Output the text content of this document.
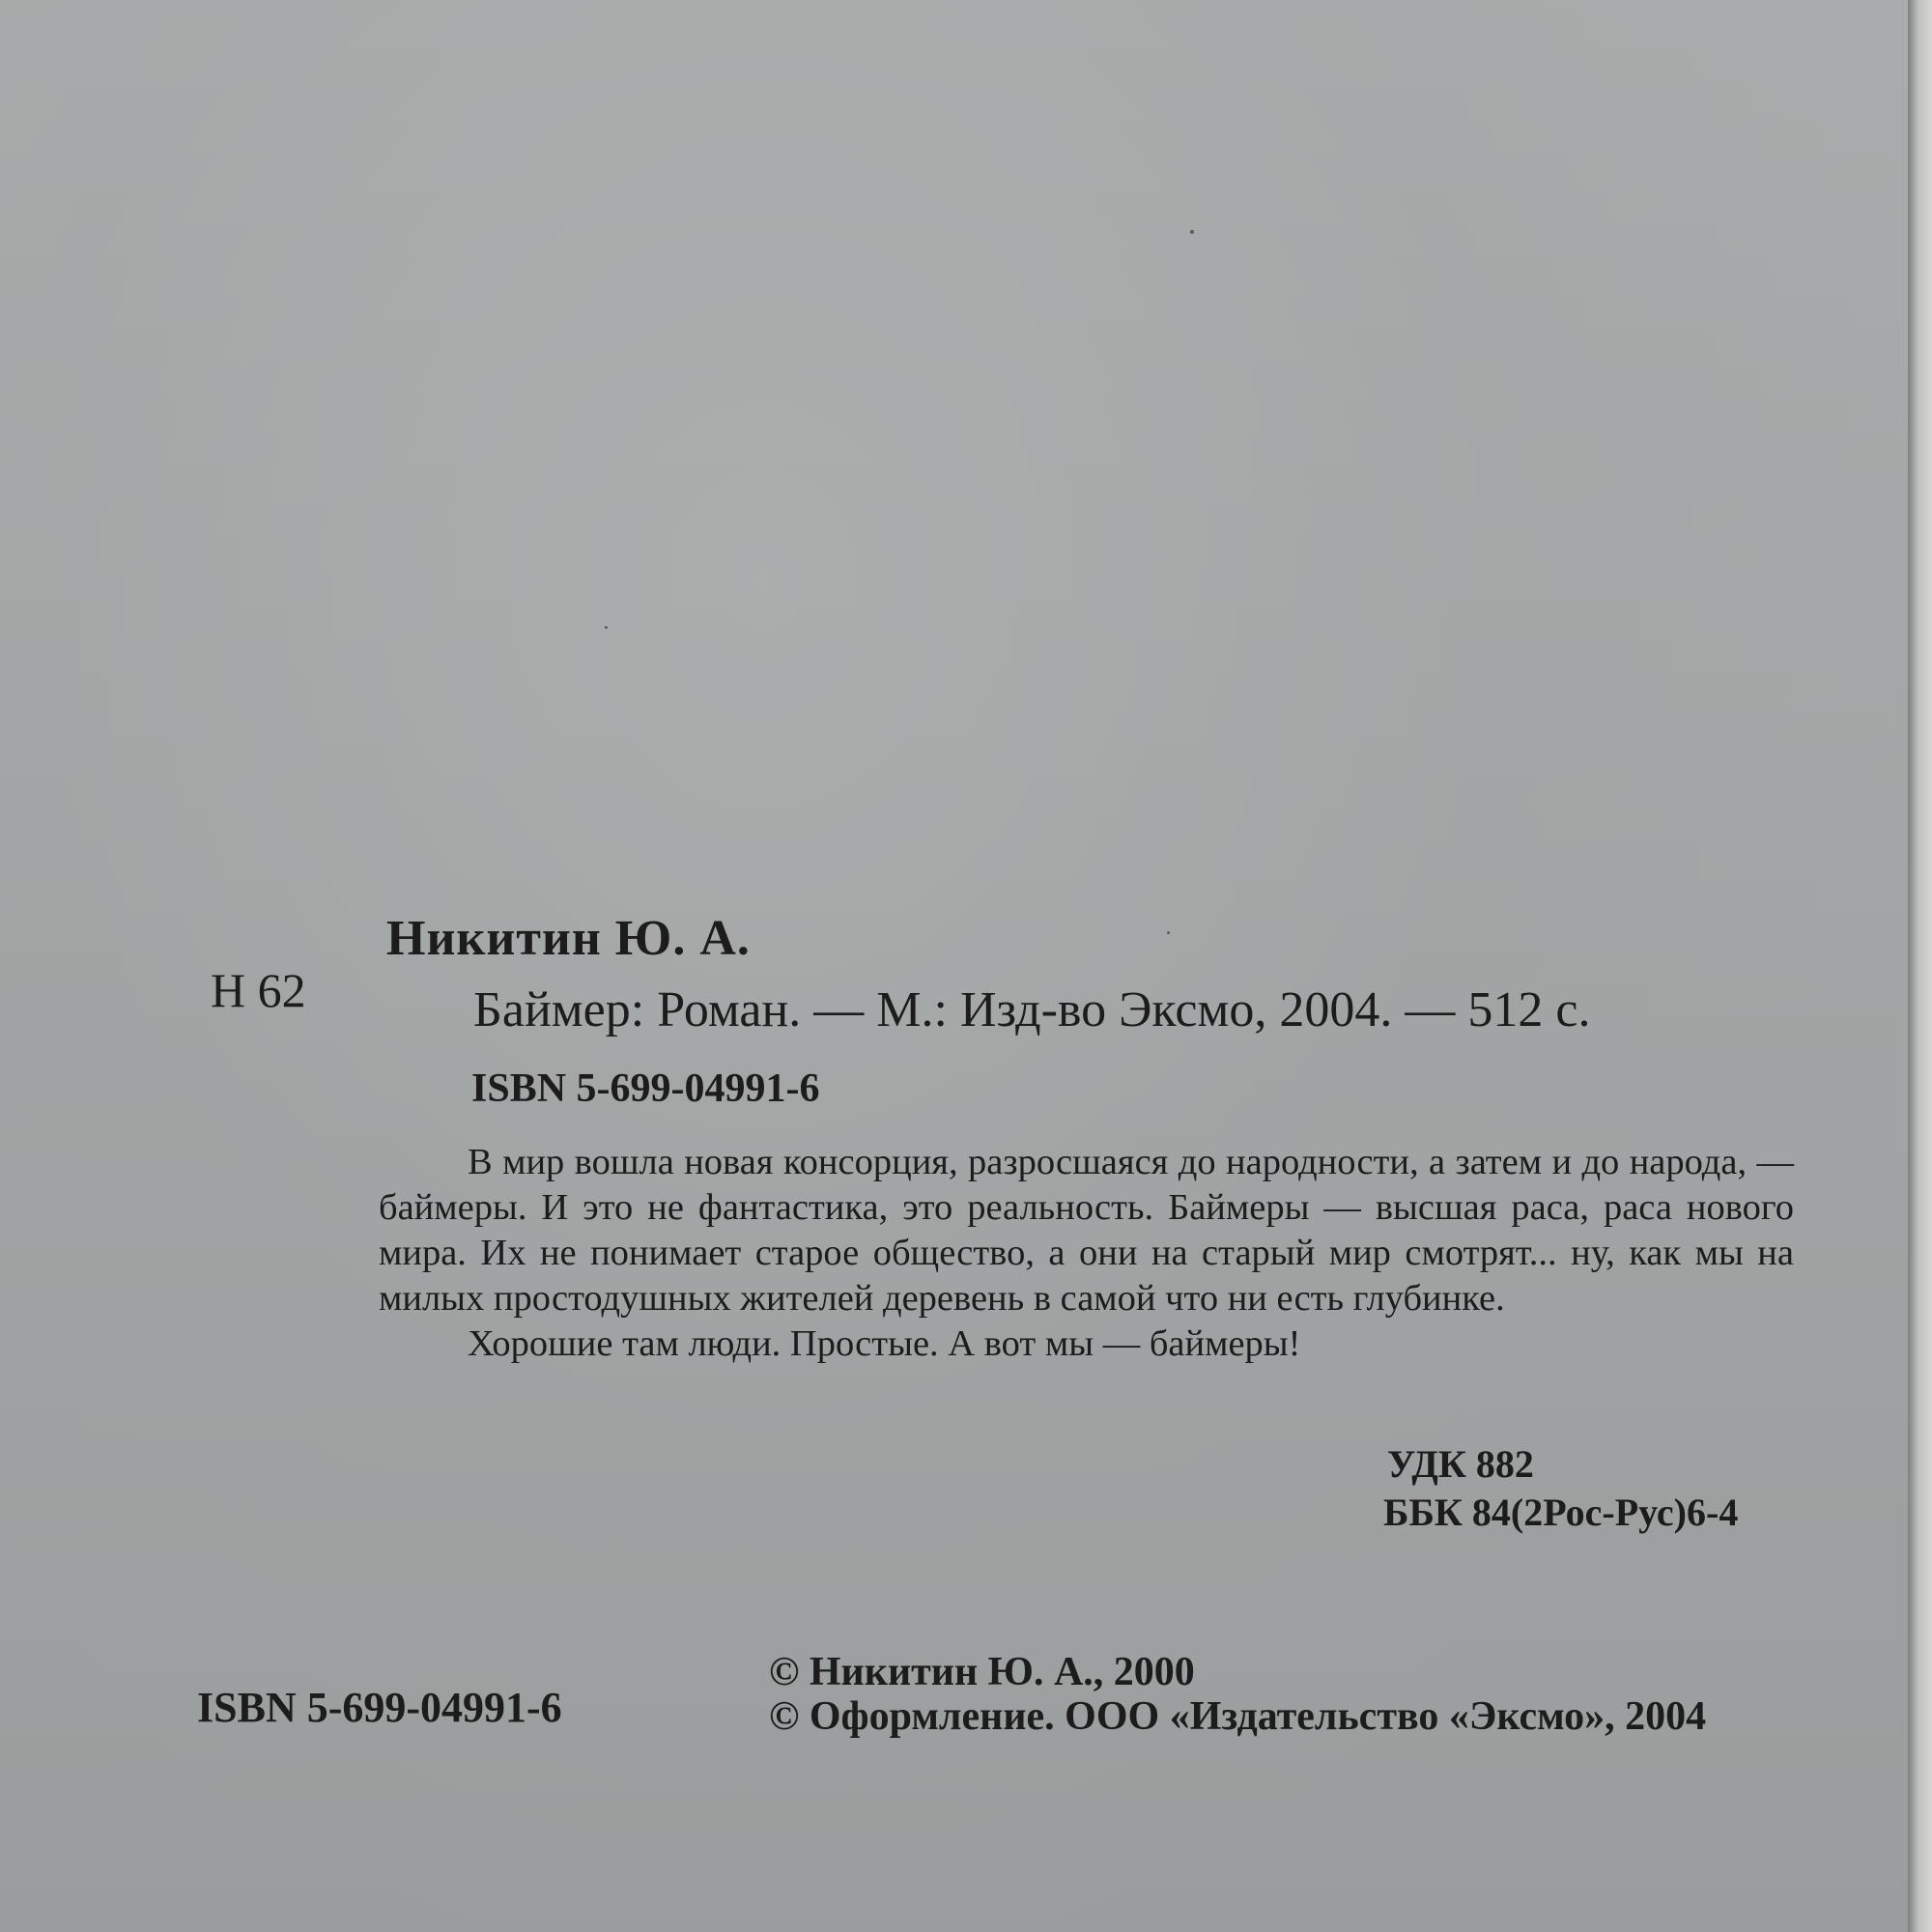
Никитин Ю. А.
Н 62	Баймер: Роман. — М.: Изд-во Эксмо, 2004. — 512 с.
ISBN 5-699-04991-6

В мир вошла новая консорция, разросшаяся до народности, а затем и до народа, — баймеры. И это не фантастика, это реальность. Баймеры — высшая раса, раса нового мира. Их не понимает старое общество, а они на старый мир смотрят... ну, как мы на милых простодушных жителей деревень в самой что ни есть глубинке.

Хорошие там люди. Простые. А вот мы — баймеры!

УДК 882
ББК 84(2Рос-Рус)6-4
ISBN 5-699-04991-6
© Никитин Ю. А., 2000
© Оформление. ООО «Издательство «Эксмо», 2004
